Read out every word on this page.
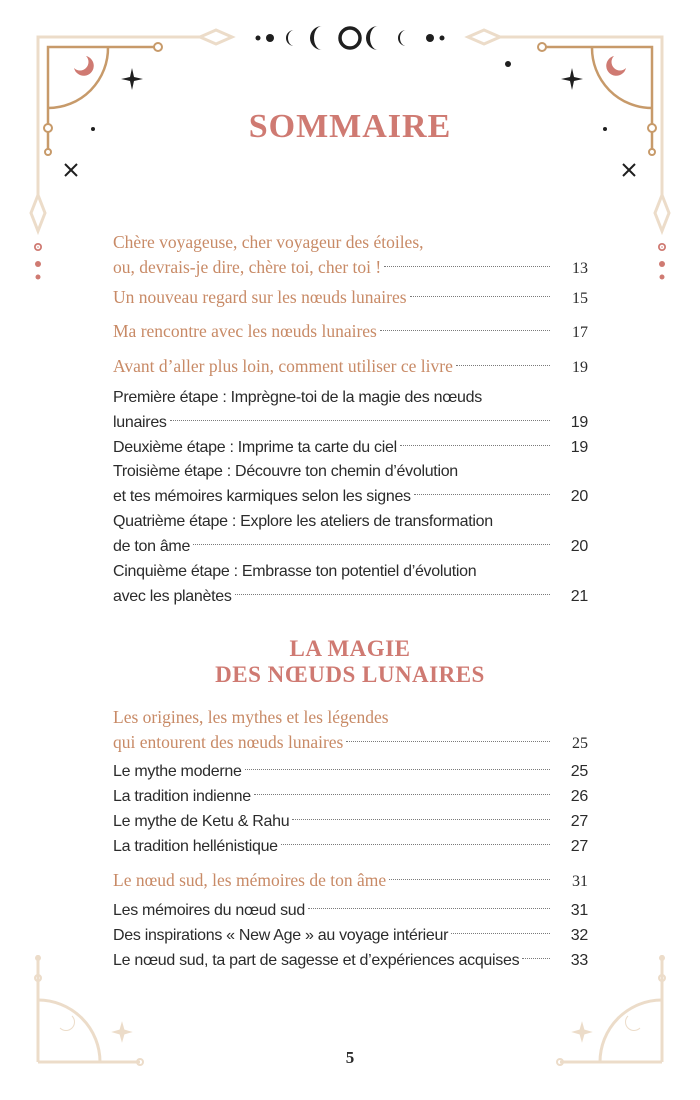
SOMMAIRE
Chère voyageuse, cher voyageur des étoiles,
ou, devrais-je dire, chère toi, cher toi !	13
Un nouveau regard sur les nœuds lunaires	15
Ma rencontre avec les nœuds lunaires	17
Avant d’aller plus loin, comment utiliser ce livre	19
Première étape : Imprègne-toi de la magie des nœuds
lunaires	19
Deuxième étape : Imprime ta carte du ciel	19
Troisième étape : Découvre ton chemin d’évolution
et tes mémoires karmiques selon les signes	20
Quatrième étape : Explore les ateliers de transformation
de ton âme	20
Cinquième étape : Embrasse ton potentiel d’évolution
avec les planètes	21
LA MAGIE
DES NŒUDS LUNAIRES
Les origines, les mythes et les légendes
qui entourent des nœuds lunaires	25
Le mythe moderne	25
La tradition indienne	26
Le mythe de Ketu & Rahu	27
La tradition hellénistique	27
Le nœud sud, les mémoires de ton âme	31
Les mémoires du nœud sud	31
Des inspirations « New Age » au voyage intérieur	32
Le nœud sud, ta part de sagesse et d’expériences acquises	33
5
